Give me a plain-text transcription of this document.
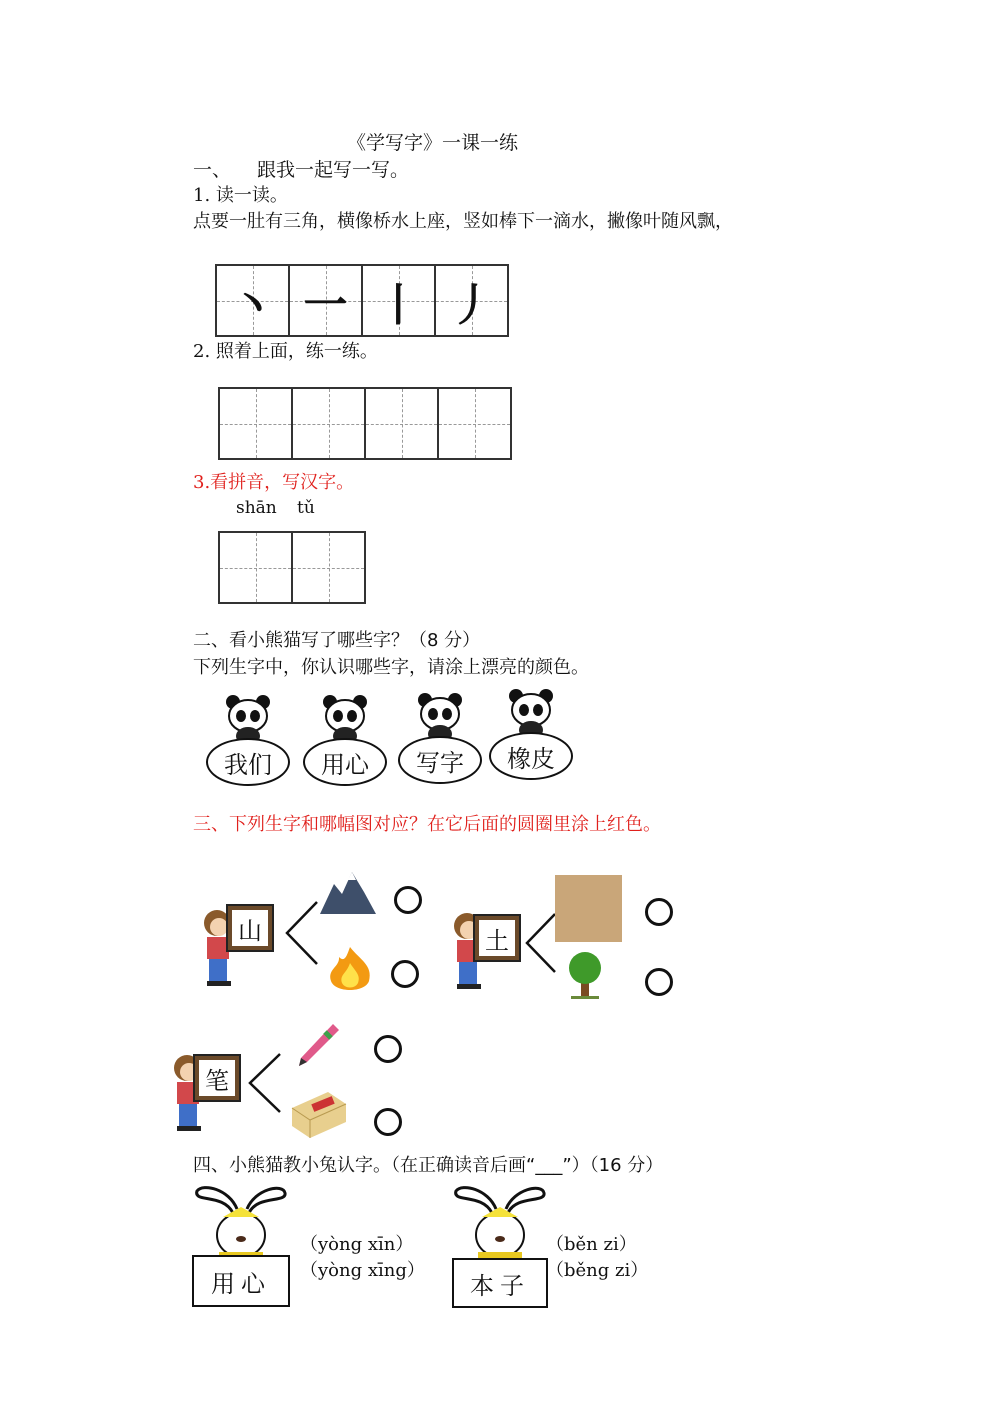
《学写字》一课一练
一、 跟我一起写一写。
1. 读一读。
点要一肚有三角，横像桥水上座，竖如棒下一滴水，撇像叶随风飘，
丶 一 丨 丿
2. 照着上面，练一练。
3.看拼音，写汉字。
shān tǔ
二、看小熊猫写了哪些字？（8 分）
下列生字中，你认识哪些字，请涂上漂亮的颜色。
我们	用心	写字	橡皮
三、下列生字和哪幅图对应？在它后面的圆圈里涂上红色。
山	土
笔
四、小熊猫教小兔认字。（在正确读音后画“___”）（16 分）
用心
（yòng xīn）
（yòng xīng）
本子
（běn zi）
（běng zi）
